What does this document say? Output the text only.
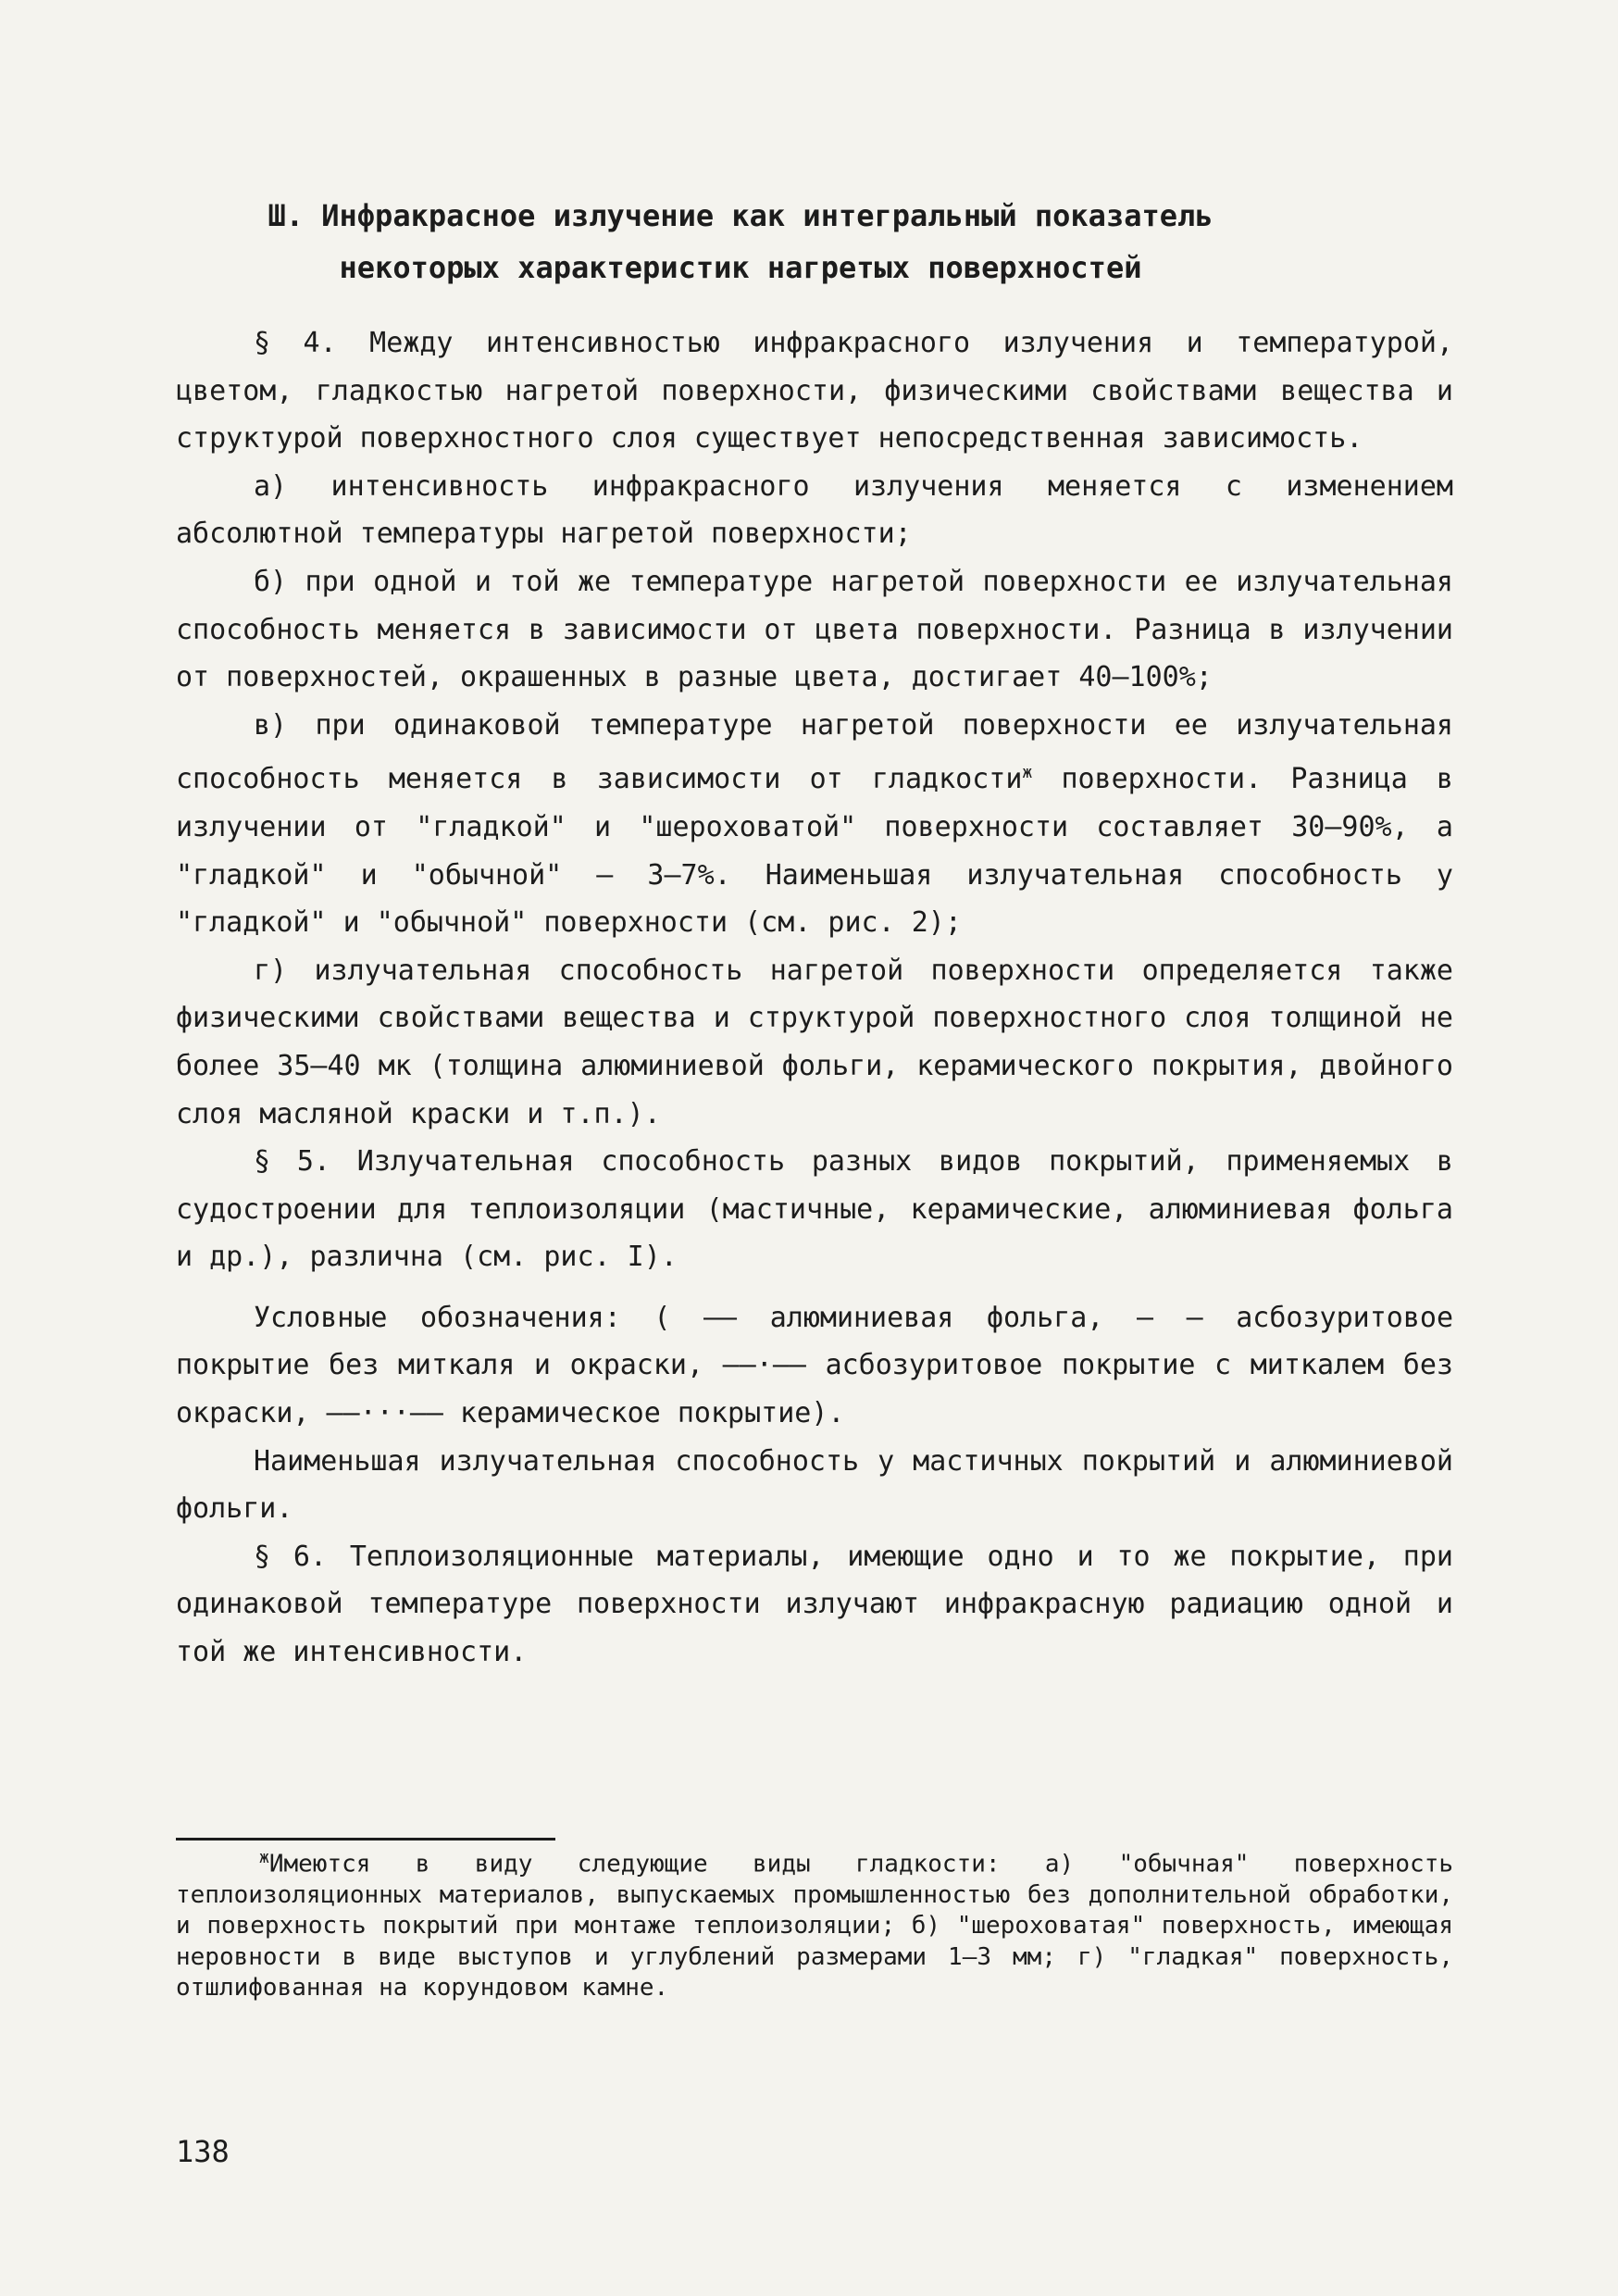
Ш. Инфракрасное излучение как интегральный показатель
некоторых характеристик нагретых поверхностей

§ 4. Между интенсивностью инфракрасного излучения и температурой, цветом, гладкостью нагретой поверхности, физическими свойствами вещества и структурой поверхностного слоя существует непосредственная зависимость.

а) интенсивность инфракрасного излучения меняется с изменением абсолютной температуры нагретой поверхности;

б) при одной и той же температуре нагретой поверхности ее излучательная способность меняется в зависимости от цвета поверхности. Разница в излучении от поверхностей, окрашенных в разные цвета, достигает 40–100%;

в) при одинаковой температуре нагретой поверхности ее излучательная способность меняется в зависимости от гладкости$^ж$ поверхности. Разница в излучении от "гладкой" и "шероховатой" поверхности составляет 30–90%, а "гладкой" и "обычной" – 3–7%. Наименьшая излучательная способность у "гладкой" и "обычной" поверхности (см. рис. 2);

г) излучательная способность нагретой поверхности определяется также физическими свойствами вещества и структурой поверхностного слоя толщиной не более 35–40 мк (толщина алюминиевой фольги, керамического покрытия, двойного слоя масляной краски и т.п.).

§ 5. Излучательная способность разных видов покрытий, применяемых в судостроении для теплоизоляции (мастичные, керамические, алюминиевая фольга и др.), различна (см. рис. I).

Условные обозначения: ( —— алюминиевая фольга, — — асбозуритовое покрытие без миткаля и окраски, ——·—— асбозуритовое покрытие с миткалем без окраски, ——···—— керамическое покрытие).

Наименьшая излучательная способность у мастичных покрытий и алюминиевой фольги.

§ 6. Теплоизоляционные материалы, имеющие одно и то же покрытие, при одинаковой температуре поверхности излучают инфракрасную радиацию одной и той же интенсивности.

$^ж$Имеются в виду следующие виды гладкости: а) "обычная" поверхность теплоизоляционных материалов, выпускаемых промышленностью без дополнительной обработки, и поверхность покрытий при монтаже теплоизоляции; б) "шероховатая" поверхность, имеющая неровности в виде выступов и углублений размерами 1–3 мм; г) "гладкая" поверхность, отшлифованная на корундовом камне.
138
